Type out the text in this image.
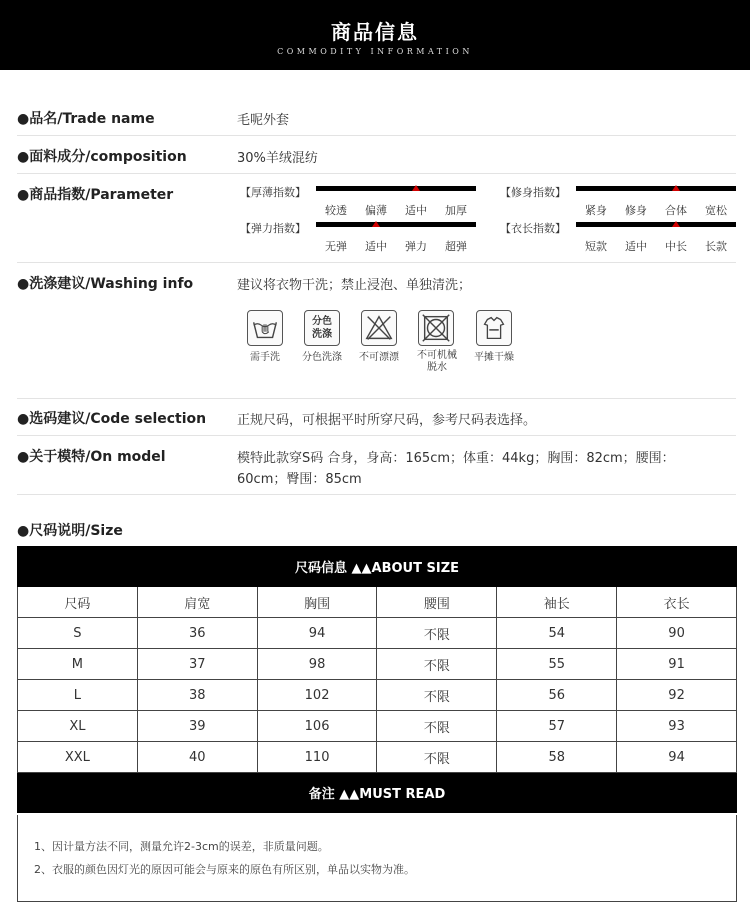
商品信息
COMMODITY INFORMATION
●品名/Trade name	毛呢外套
●面料成分/composition	30%羊绒混纺
●商品指数/Parameter	【厚薄指数】
较透 偏薄 适中 加厚
【修身指数】
紧身 修身 合体 宽松
【弹力指数】
无弹 适中 弹力 超弹
【衣长指数】
短款 适中 中长 长款
●洗涤建议/Washing info	建议将衣物干洗；禁止浸泡、单独清洗；
需手洗
分色
洗涤
分色洗涤	不可漂漂	不可机械
脱水
平摊干燥
●选码建议/Code selection 正规尺码，可根据平时所穿尺码，参考尺码表选择。
●关于模特/On model	模特此款穿S码 合身，身高：165cm；体重：44kg；胸围：82cm；腰围：
60cm；臀围：85cm
●尺码说明/Size
尺码信息 ▲▲ABOUT SIZE					
尺码	肩宽	胸围	腰围	袖长	衣长
S	36	94	不限	54	90
M	37	98	不限	55	91
L	38	102	不限	56	92
XL	39	106	不限	57	93
XXL	40	110	不限	58	94
备注 ▲▲MUST READ					
1、因计量方法不同，测量允许2-3cm的误差，非质量问题。
2、衣服的颜色因灯光的原因可能会与原来的原色有所区别，单品以实物为准。
